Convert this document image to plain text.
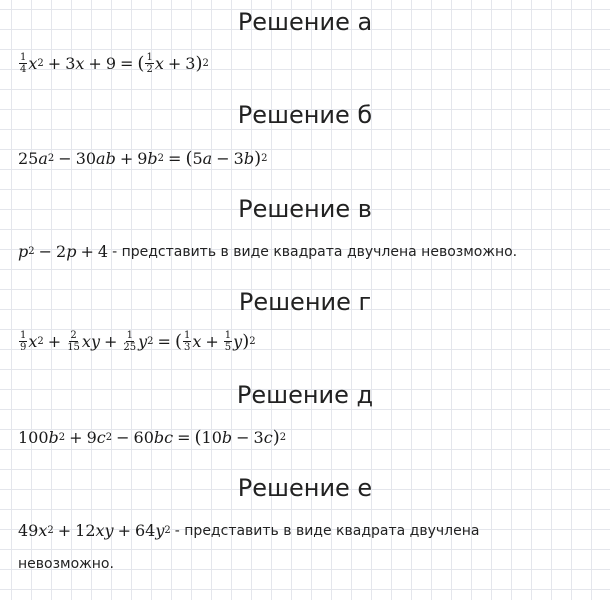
Решение а
$\frac{1}{4}$ x 2 + 3 x + 9 = ( $\frac{1}{2}$ x + 3 ) 2
Решение б
25 a 2 − 30 ab + 9 b 2 = ( 5 a − 3 b ) 2
Решение в
p 2 − 2 p + 4 - представить в виде квадрата двучлена невозможно.
Решение г
$\frac{1}{9}$ x $2 + \frac{2}{15}$ xy + $\frac{1}{25}$ y 2 = ( $\frac{1}{3}$ $x + \frac{1}{5}$ y ) 2
Решение д
100 b 2 + 9 c 2 − 60 bc = ( 10 b − 3 c ) 2
Решение е
49 x 2 + 12 xy + 64 y 2 - представить в виде квадрата двучлена
невозможно.
